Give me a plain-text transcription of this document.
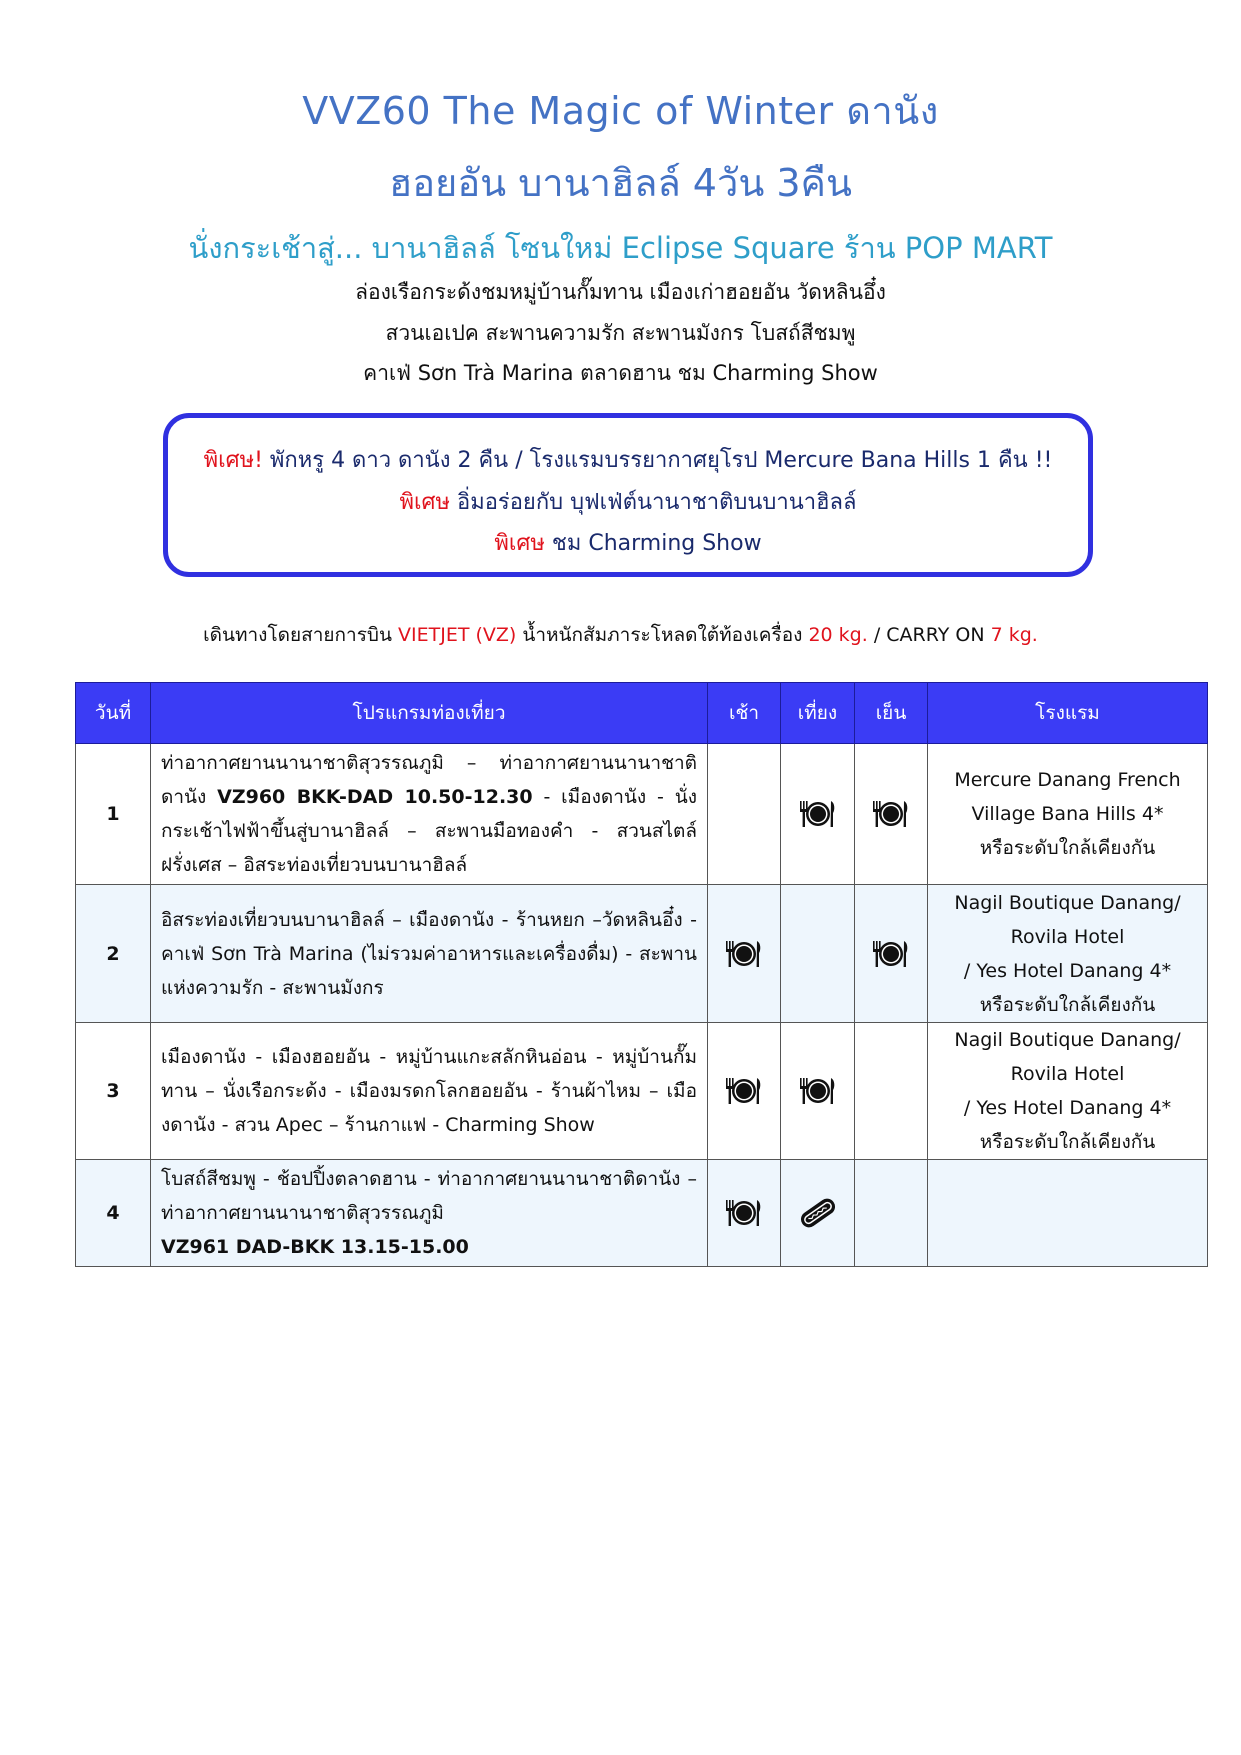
VVZ60 The Magic of Winter ดานัง
ฮอยอัน บานาฮิลล์ 4วัน 3คืน
นั่งกระเช้าสู่... บานาฮิลล์ โซนใหม่ Eclipse Square ร้าน POP MART
ล่องเรือกระด้งชมหมู่บ้านกั๊มทาน เมืองเก่าฮอยอัน วัดหลินอึ๋ง
สวนเอเปค สะพานความรัก สะพานมังกร โบสถ์สีชมพู
คาเฟ่ Sơn Trà Marina ตลาดฮาน ชม Charming Show
พิเศษ! พักหรู 4 ดาว ดานัง 2 คืน / โรงแรมบรรยากาศยุโรป Mercure Bana Hills 1 คืน !!
พิเศษ อิ่มอร่อยกับ บุฟเฟ่ต์นานาชาติบนบานาฮิลล์
พิเศษ ชม Charming Show
เดินทางโดยสายการบิน VIETJET (VZ) น้ำหนักสัมภาระโหลดใต้ท้องเครื่อง 20 kg. / CARRY ON 7 kg.
วันที่	โปรแกรมท่องเที่ยว	เช้า	เที่ยง	เย็น	โรงแรม
1	ท่าอากาศยานนานาชาติสุวรรณภูมิ – ท่าอากาศยานนานาชาติดานัง VZ960 BKK-DAD 10.50-12.30 - เมืองดานัง - นั่งกระเช้าไฟฟ้าขึ้นสู่บานาฮิลล์ – สะพานมือทองคำ - สวนสไตล์ฝรั่งเศส – อิสระท่องเที่ยวบนบานาฮิลล์				Mercure Danang French
Village Bana Hills 4*
หรือระดับใกล้เคียงกัน

2	อิสระท่องเที่ยวบนบานาฮิลล์ – เมืองดานัง - ร้านหยก –วัดหลินอึ๋ง - คาเฟ่ Sơn Trà Marina (ไม่รวมค่าอาหารและเครื่องดื่ม) - สะพานแห่งความรัก - สะพานมังกร				Nagil Boutique Danang/
Rovila Hotel
/ Yes Hotel Danang 4*
หรือระดับใกล้เคียงกัน

3	เมืองดานัง - เมืองฮอยอัน - หมู่บ้านแกะสลักหินอ่อน - หมู่บ้านกั๊มทาน – นั่งเรือกระด้ง - เมืองมรดกโลกฮอยอัน - ร้านผ้าไหม – เมืองดานัง - สวน Apec – ร้านกาแฟ - Charming Show				Nagil Boutique Danang/
Rovila Hotel
/ Yes Hotel Danang 4*
หรือระดับใกล้เคียงกัน

4	โบสถ์สีชมพู - ช้อปปิ้งตลาดฮาน - ท่าอากาศยานนานาชาติดานัง –ท่าอากาศยานนานาชาติสุวรรณภูมิ
VZ961 DAD-BKK 13.15-15.00				
